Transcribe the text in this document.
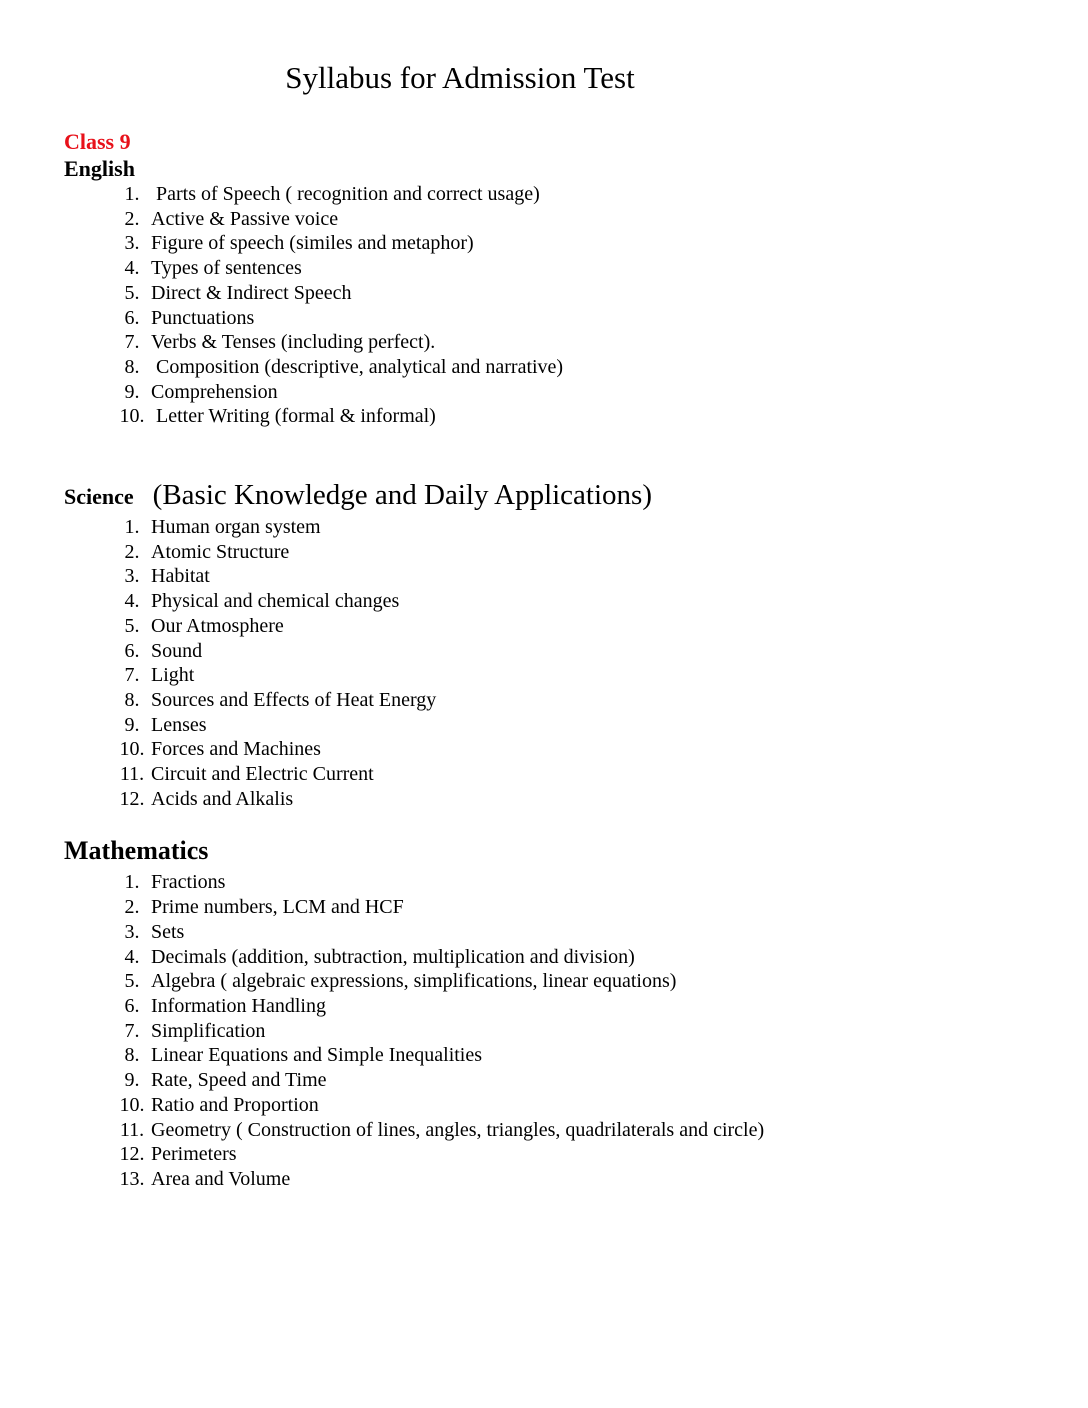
Syllabus for Admission Test
Class 9
English
Parts of Speech ( recognition and correct usage)
Active & Passive voice
Figure of speech (similes and metaphor)
Types of sentences
Direct & Indirect Speech
Punctuations
Verbs & Tenses (including perfect).
Composition (descriptive, analytical and narrative)
Comprehension
Letter Writing (formal & informal)
Science (Basic Knowledge and Daily Applications)
Human organ system
Atomic Structure
Habitat
Physical and chemical changes
Our Atmosphere
Sound
Light
Sources and Effects of Heat Energy
Lenses
Forces and Machines
Circuit and Electric Current
Acids and Alkalis
Mathematics
Fractions
Prime numbers, LCM and HCF
Sets
Decimals (addition, subtraction, multiplication and division)
Algebra ( algebraic expressions, simplifications, linear equations)
Information Handling
Simplification
Linear Equations and Simple Inequalities
Rate, Speed and Time
Ratio and Proportion
Geometry ( Construction of lines, angles, triangles, quadrilaterals and circle)
Perimeters
Area and Volume
